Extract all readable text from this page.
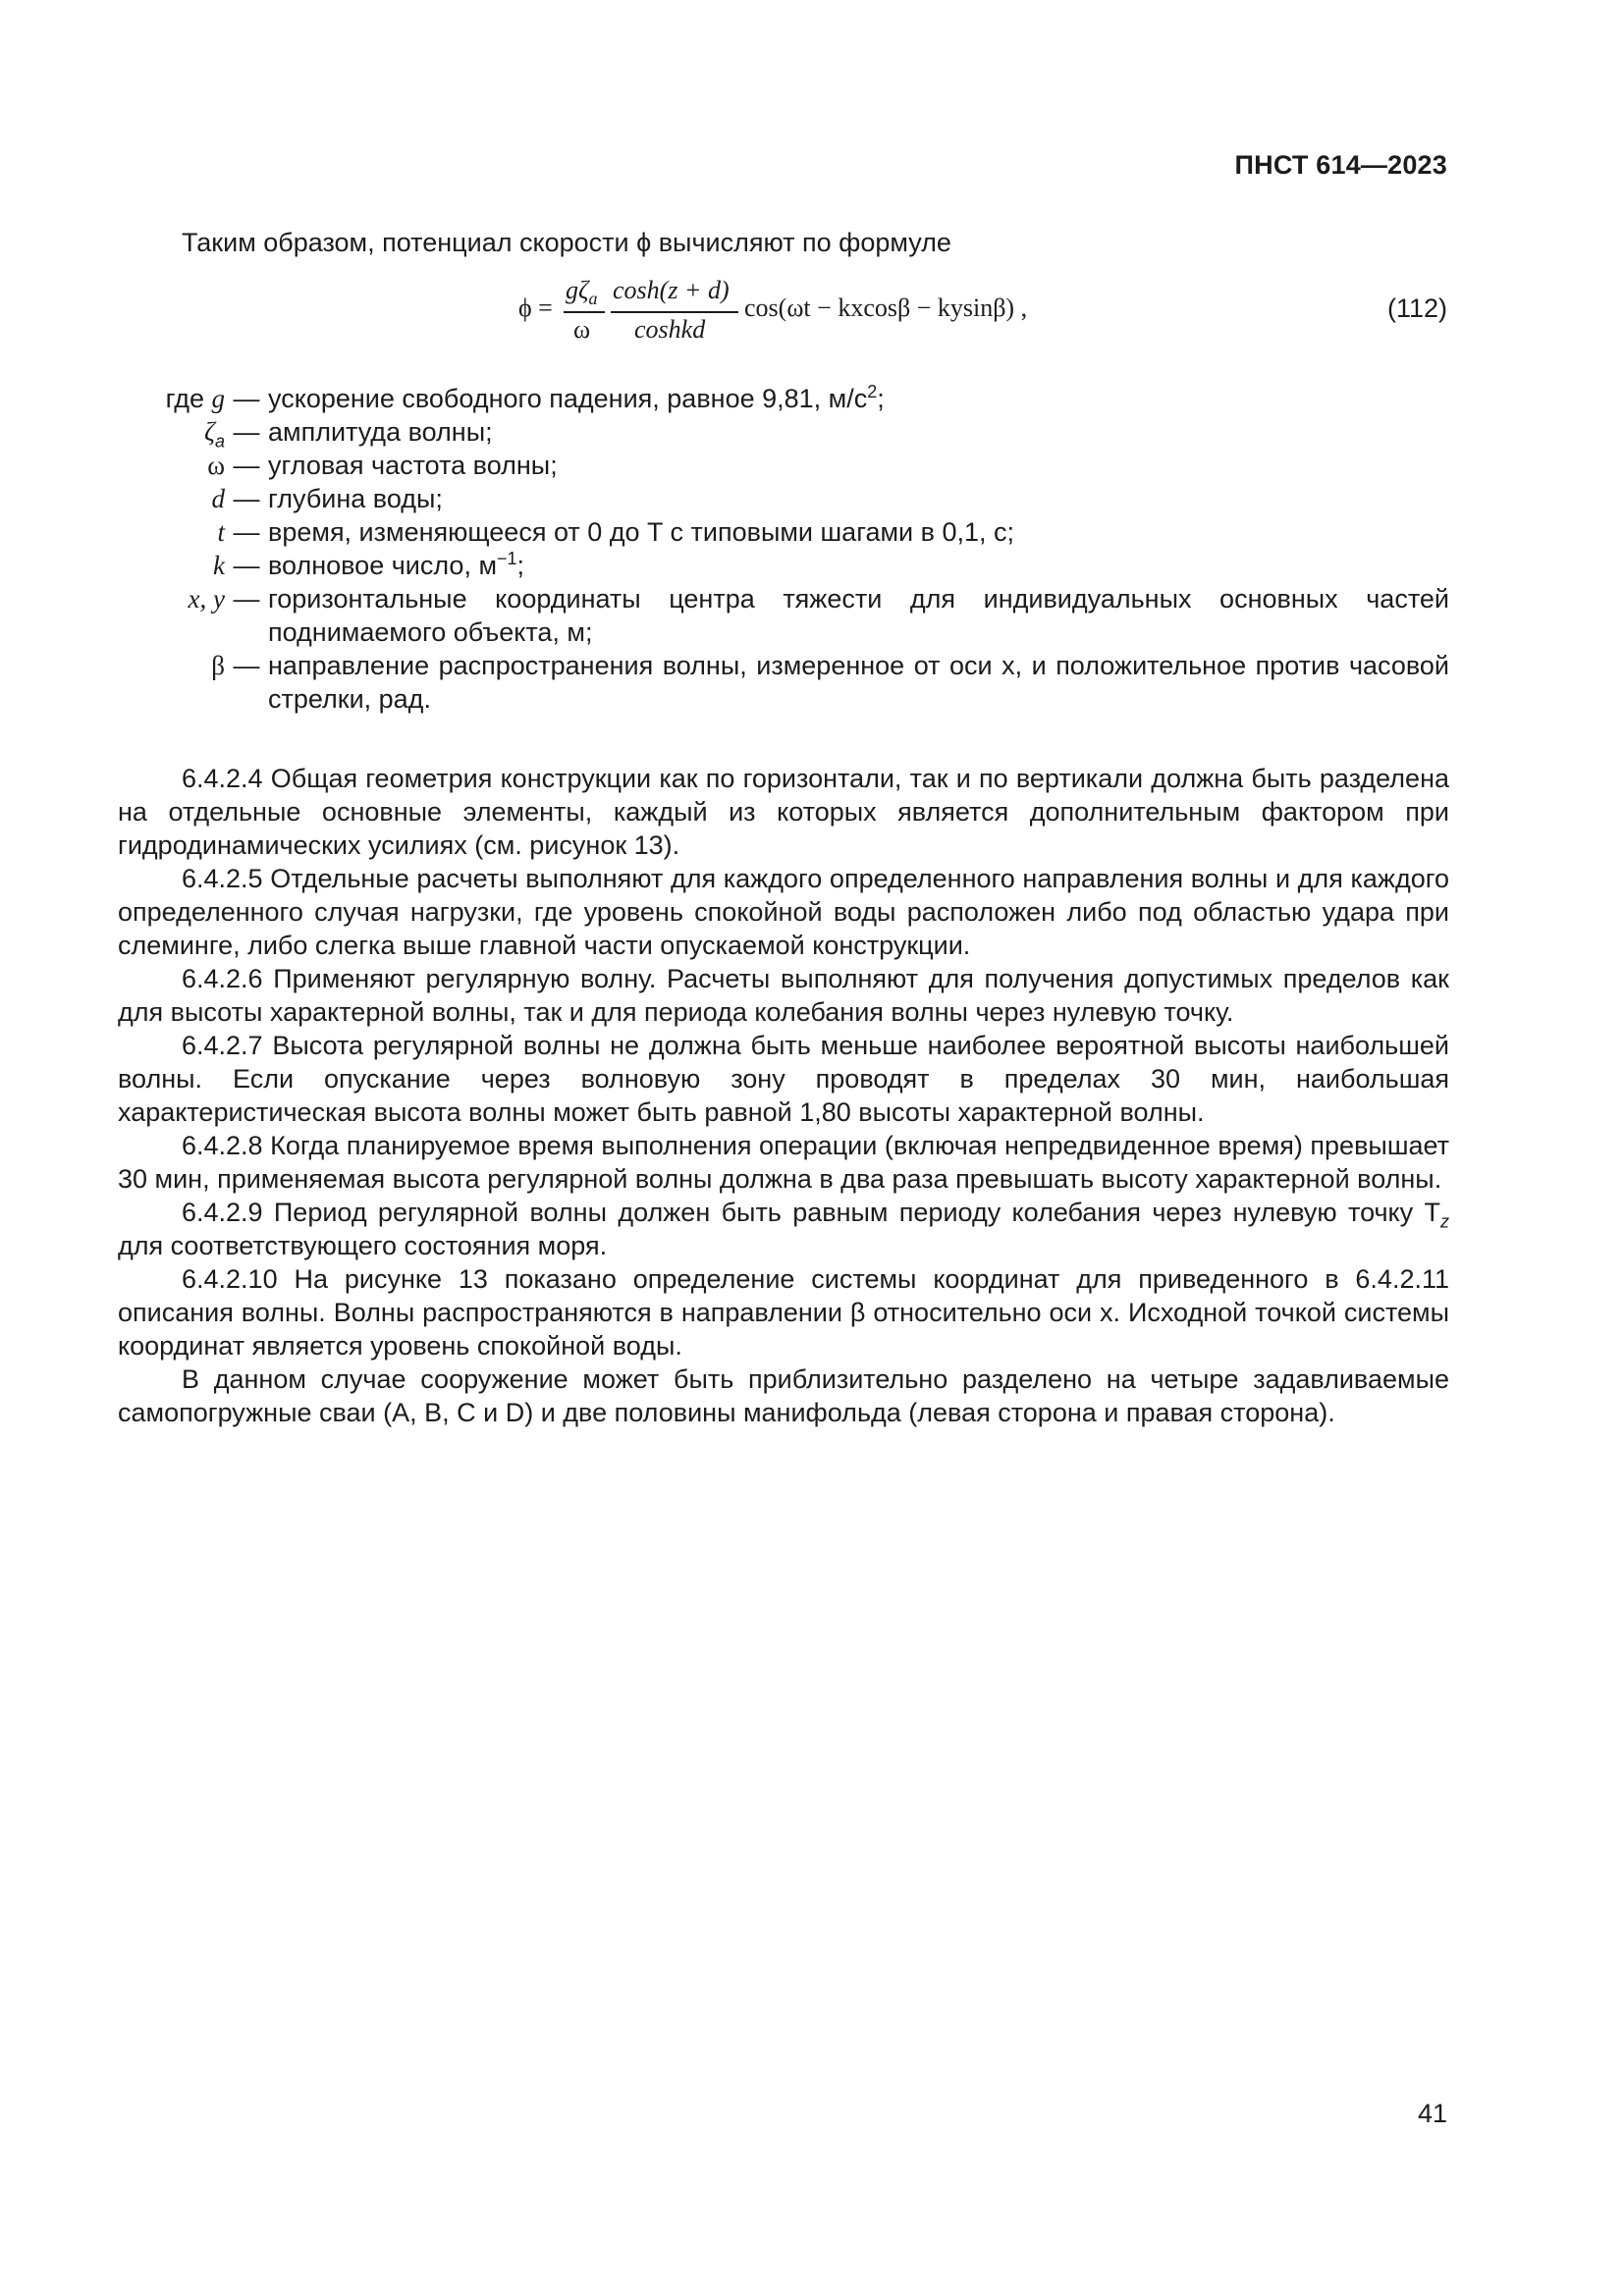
ПНСТ 614—2023
Таким образом, потенциал скорости ϕ вычисляют по формуле
ϕ =
$g\zeta_a$
ω
cosh(z + d)
coshkd
cos(ωt − kxcosβ − kysinβ) ,	(112)
где g — ускорение свободного падения, равное 9,81, $м/с^2$;
$\zeta_a$ — амплитуда волны;
ω — угловая частота волны;
d — глубина воды;
t — время, изменяющееся от 0 до T с типовыми шагами в 0,1, с;
k — волновое число, $м^{-1}$;
x, y — горизонтальные координаты центра тяжести для индивидуальных основных частей поднимаемого объекта, м;
β — направление распространения волны, измеренное от оси x, и положительное против часовой стрелки, рад.

6.4.2.4 Общая геометрия конструкции как по горизонтали, так и по вертикали должна быть разделена на отдельные основные элементы, каждый из которых является дополнительным фактором при гидродинамических усилиях (см. рисунок 13).

6.4.2.5 Отдельные расчеты выполняют для каждого определенного направления волны и для каждого определенного случая нагрузки, где уровень спокойной воды расположен либо под областью удара при слеминге, либо слегка выше главной части опускаемой конструкции.

6.4.2.6 Применяют регулярную волну. Расчеты выполняют для получения допустимых пределов как для высоты характерной волны, так и для периода колебания волны через нулевую точку.

6.4.2.7 Высота регулярной волны не должна быть меньше наиболее вероятной высоты наибольшей волны. Если опускание через волновую зону проводят в пределах 30 мин, наибольшая характеристическая высота волны может быть равной 1,80 высоты характерной волны.

6.4.2.8 Когда планируемое время выполнения операции (включая непредвиденное время) превышает 30 мин, применяемая высота регулярной волны должна в два раза превышать высоту характерной волны.

6.4.2.9 Период регулярной волны должен быть равным периоду колебания через нулевую точку $T_z$ для соответствующего состояния моря.

6.4.2.10 На рисунке 13 показано определение системы координат для приведенного в 6.4.2.11 описания волны. Волны распространяются в направлении β относительно оси x. Исходной точкой системы координат является уровень спокойной воды.

В данном случае сооружение может быть приблизительно разделено на четыре задавливаемые самопогружные сваи (A, B, C и D) и две половины манифольда (левая сторона и правая сторона).

41
